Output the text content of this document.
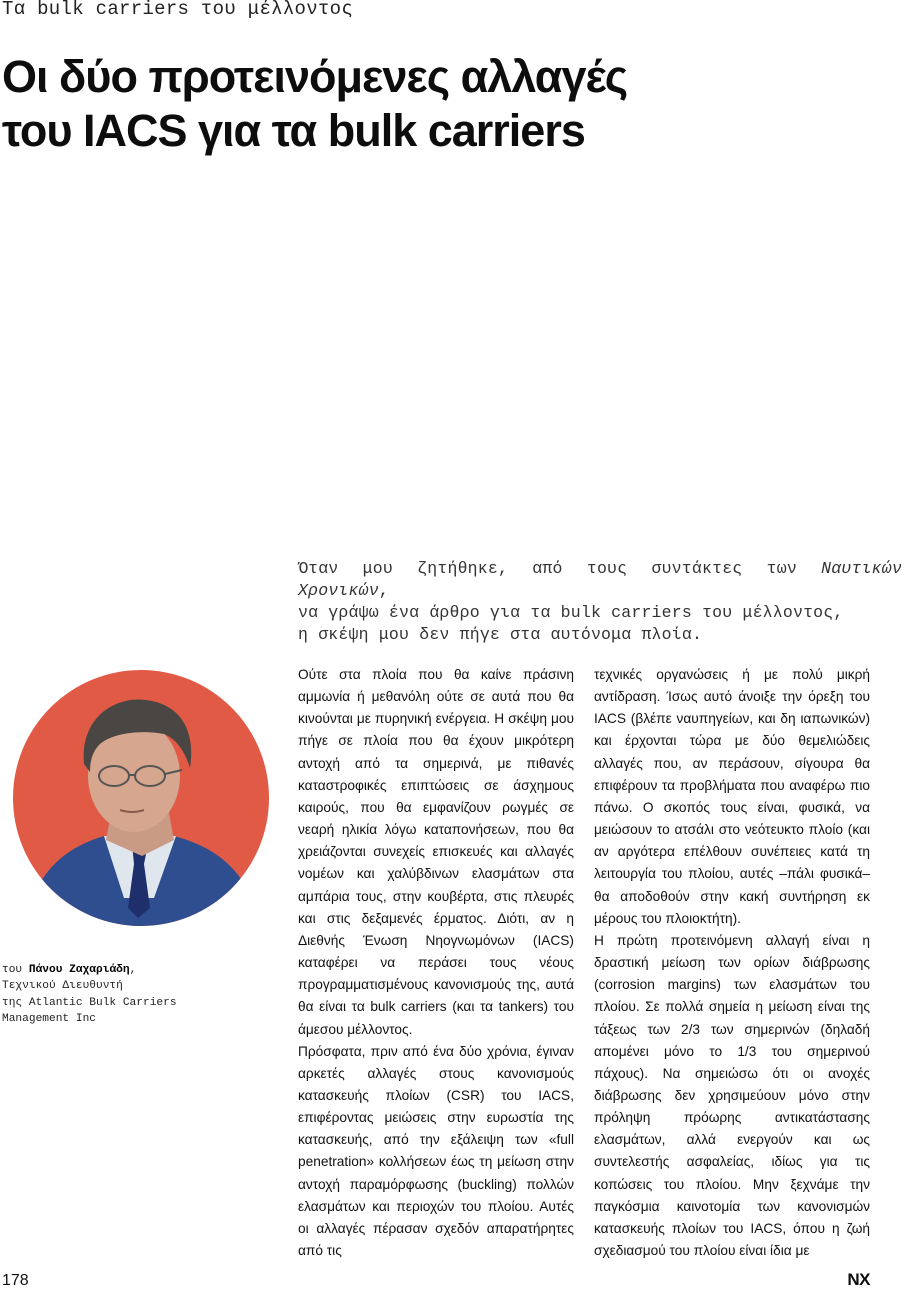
Τα bulk carriers του μέλλοντος
Οι δύο προτεινόμενες αλλαγές
του IACS για τα bulk carriers
Όταν μου ζητήθηκε, από τους συντάκτες των Ναυτικών Χρονικών,
να γράψω ένα άρθρο για τα bulk carriers του μέλλοντος,
η σκέψη μου δεν πήγε στα αυτόνομα πλοία.
του Πάνου Ζαχαριάδη,
Τεχνικού Διευθυντή
της Atlantic Bulk Carriers
Management Inc

Ούτε στα πλοία που θα καίνε πράσινη αμμωνία ή μεθανόλη ούτε σε αυτά που θα κινούνται με πυρηνική ενέργεια. Η σκέψη μου πήγε σε πλοία που θα έχουν μικρότερη αντοχή από τα σημερινά, με πιθανές καταστροφικές επιπτώσεις σε άσχημους καιρούς, που θα εμφανίζουν ρωγμές σε νεαρή ηλικία λόγω καταπονήσεων, που θα χρειάζονται συνεχείς επισκευές και αλλαγές νομέων και χαλύβδινων ελασμάτων στα αμπάρια τους, στην κουβέρτα, στις πλευρές και στις δεξαμενές έρματος. Διότι, αν η Διεθνής Ένωση Νηογνωμόνων (IACS) καταφέρει να περάσει τους νέους προγραμματισμένους κανονισμούς της, αυτά θα είναι τα bulk carriers (και τα tankers) του άμεσου μέλλοντος.

Πρόσφατα, πριν από ένα δύο χρόνια, έγιναν αρκετές αλλαγές στους κανονισμούς κατασκευής πλοίων (CSR) του IACS, επιφέροντας μειώσεις στην ευρωστία της κατασκευής, από την εξάλειψη των «full penetration» κολλήσεων έως τη μείωση στην αντοχή παραμόρφωσης (buckling) πολλών ελασμάτων και περιοχών του πλοίου. Αυτές οι αλλαγές πέρασαν σχεδόν απαρατήρητες από τις

τεχνικές οργανώσεις ή με πολύ μικρή αντίδραση. Ίσως αυτό άνοιξε την όρεξη του IACS (βλέπε ναυπηγείων, και δη ιαπωνικών) και έρχονται τώρα με δύο θεμελιώδεις αλλαγές που, αν περάσουν, σίγουρα θα επιφέρουν τα προβλήματα που αναφέρω πιο πάνω. Ο σκοπός τους είναι, φυσικά, να μειώσουν το ατσάλι στο νεότευκτο πλοίο (και αν αργότερα επέλθουν συνέπειες κατά τη λειτουργία του πλοίου, αυτές –πάλι φυσικά– θα αποδοθούν στην κακή συντήρηση εκ μέρους του πλοιοκτήτη).

Η πρώτη προτεινόμενη αλλαγή είναι η δραστική μείωση των ορίων διάβρωσης (corrosion margins) των ελασμάτων του πλοίου. Σε πολλά σημεία η μείωση είναι της τάξεως των 2/3 των σημερινών (δηλαδή απομένει μόνο το 1/3 του σημερινού πάχους). Να σημειώσω ότι οι ανοχές διάβρωσης δεν χρησιμεύουν μόνο στην πρόληψη πρόωρης αντικατάστασης ελασμάτων, αλλά ενεργούν και ως συντελεστής ασφαλείας, ιδίως για τις κοπώσεις του πλοίου. Μην ξεχνάμε την παγκόσμια καινοτομία των κανονισμών κατασκευής πλοίων του IACS, όπου η ζωή σχεδιασμού του πλοίου είναι ίδια με

178	NX
